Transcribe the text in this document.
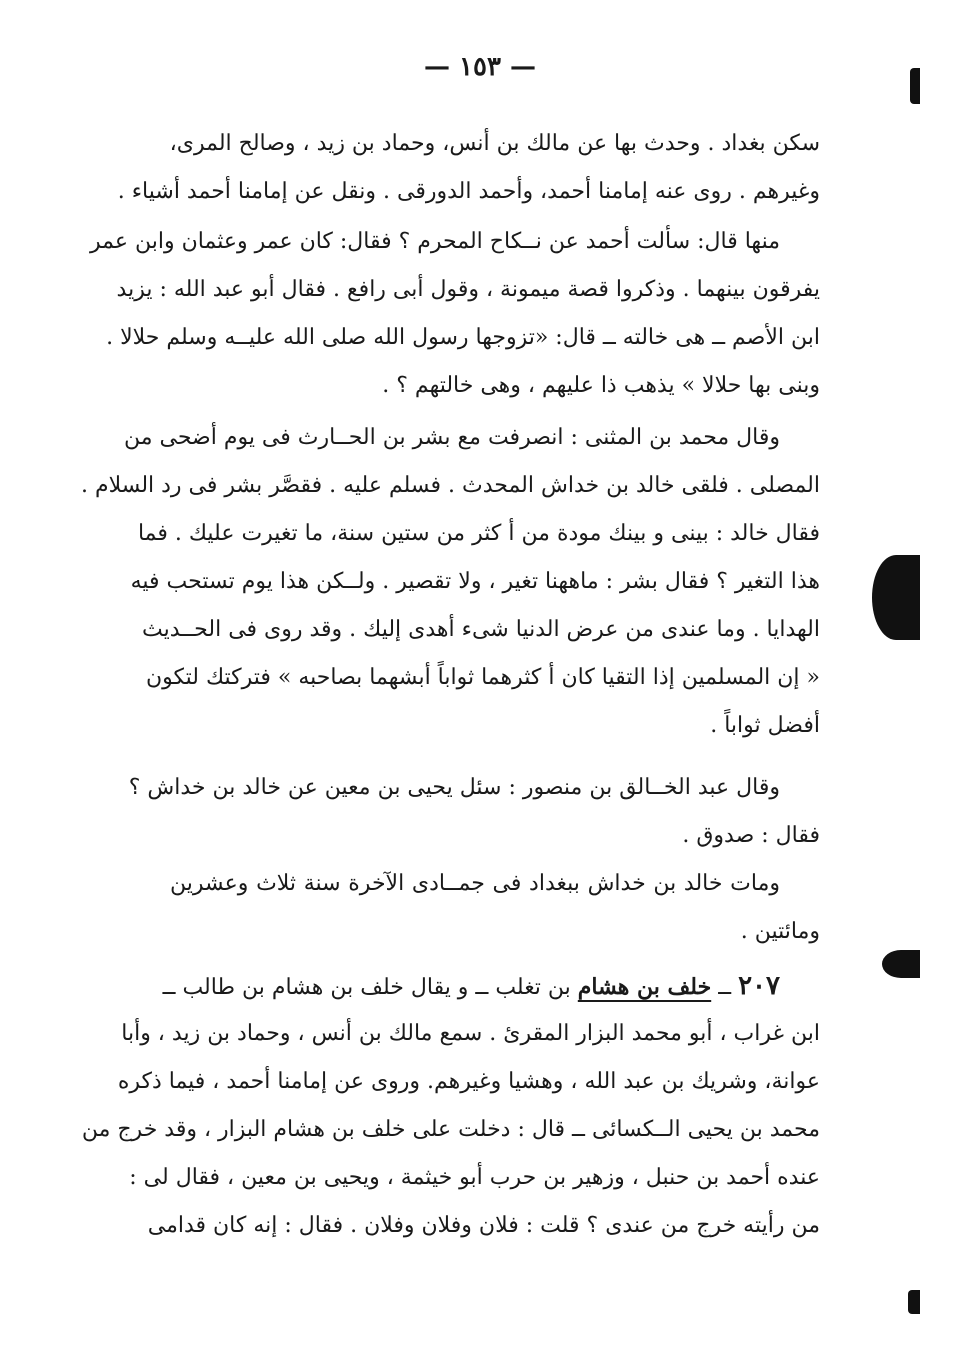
— ١٥٣ —
سكن بغداد . وحدث بها عن مالك بن أنس، وحماد بن زيد ، وصالح المرى،
وغيرهم . روى عنه إمامنا أحمد، وأحمد الدورقى . ونقل عن إمامنا أحمد أشياء .
منها قال: سألت أحمد عن نــكاح المحرم ؟ فقال: كان عمر وعثمان وابن عمر
يفرقون بينهما . وذكروا قصة ميمونة ، وقول أبى رافع . فقال أبو عبد الله : يزيد
ابن الأصم ــ هى خالته ــ قال: «تزوجها رسول الله صلى الله عليــه وسلم حلالا .
وبنى بها حلالا » يذهب ذا عليهم ، وهى خالتهم ؟ .
وقال محمد بن المثنى : انصرفت مع بشر بن الحــارث فى يوم أضحى من
المصلى . فلقى خالد بن خداش المحدث . فسلم عليه . فقصَّر بشر فى رد السلام .
فقال خالد : بينى و بينك مودة من أ كثر من ستين سنة، ما تغيرت عليك . فما
هذا التغير ؟ فقال بشر : ماههنا تغير ، ولا تقصير . ولــكن هذا يوم تستحب فيه
الهدايا . وما عندى من عرض الدنيا شىء أهدى إليك . وقد روى فى الحــديث
« إن المسلمين إذا التقيا كان أ كثرهما ثواباً أبشهما بصاحبه » فتركتك لتكون
أفضل ثواباً .
وقال عبد الخــالق بن منصور : سئل يحيى بن معين عن خالد بن خداش ؟
فقال : صدوق .
ومات خالد بن خداش ببغداد فى جمــادى الآخرة سنة ثلاث وعشرين
ومائتين .
٢٠٧ ــ خلف بن هشام بن تغلب ــ و يقال خلف بن هشام بن طالب ــ
ابن غراب ، أبو محمد البزار المقرئ . سمع مالك بن أنس ، وحماد بن زيد ، وأبا
عوانة، وشريك بن عبد الله ، وهشيا وغيرهم. وروى عن إمامنا أحمد ، فيما ذكره
محمد بن يحيى الــكسائى ــ قال : دخلت على خلف بن هشام البزار ، وقد خرج من
عنده أحمد بن حنبل ، وزهير بن حرب أبو خيثمة ، ويحيى بن معين ، فقال لى :
من رأيته خرج من عندى ؟ قلت : فلان وفلان وفلان . فقال : إنه كان قدامى
